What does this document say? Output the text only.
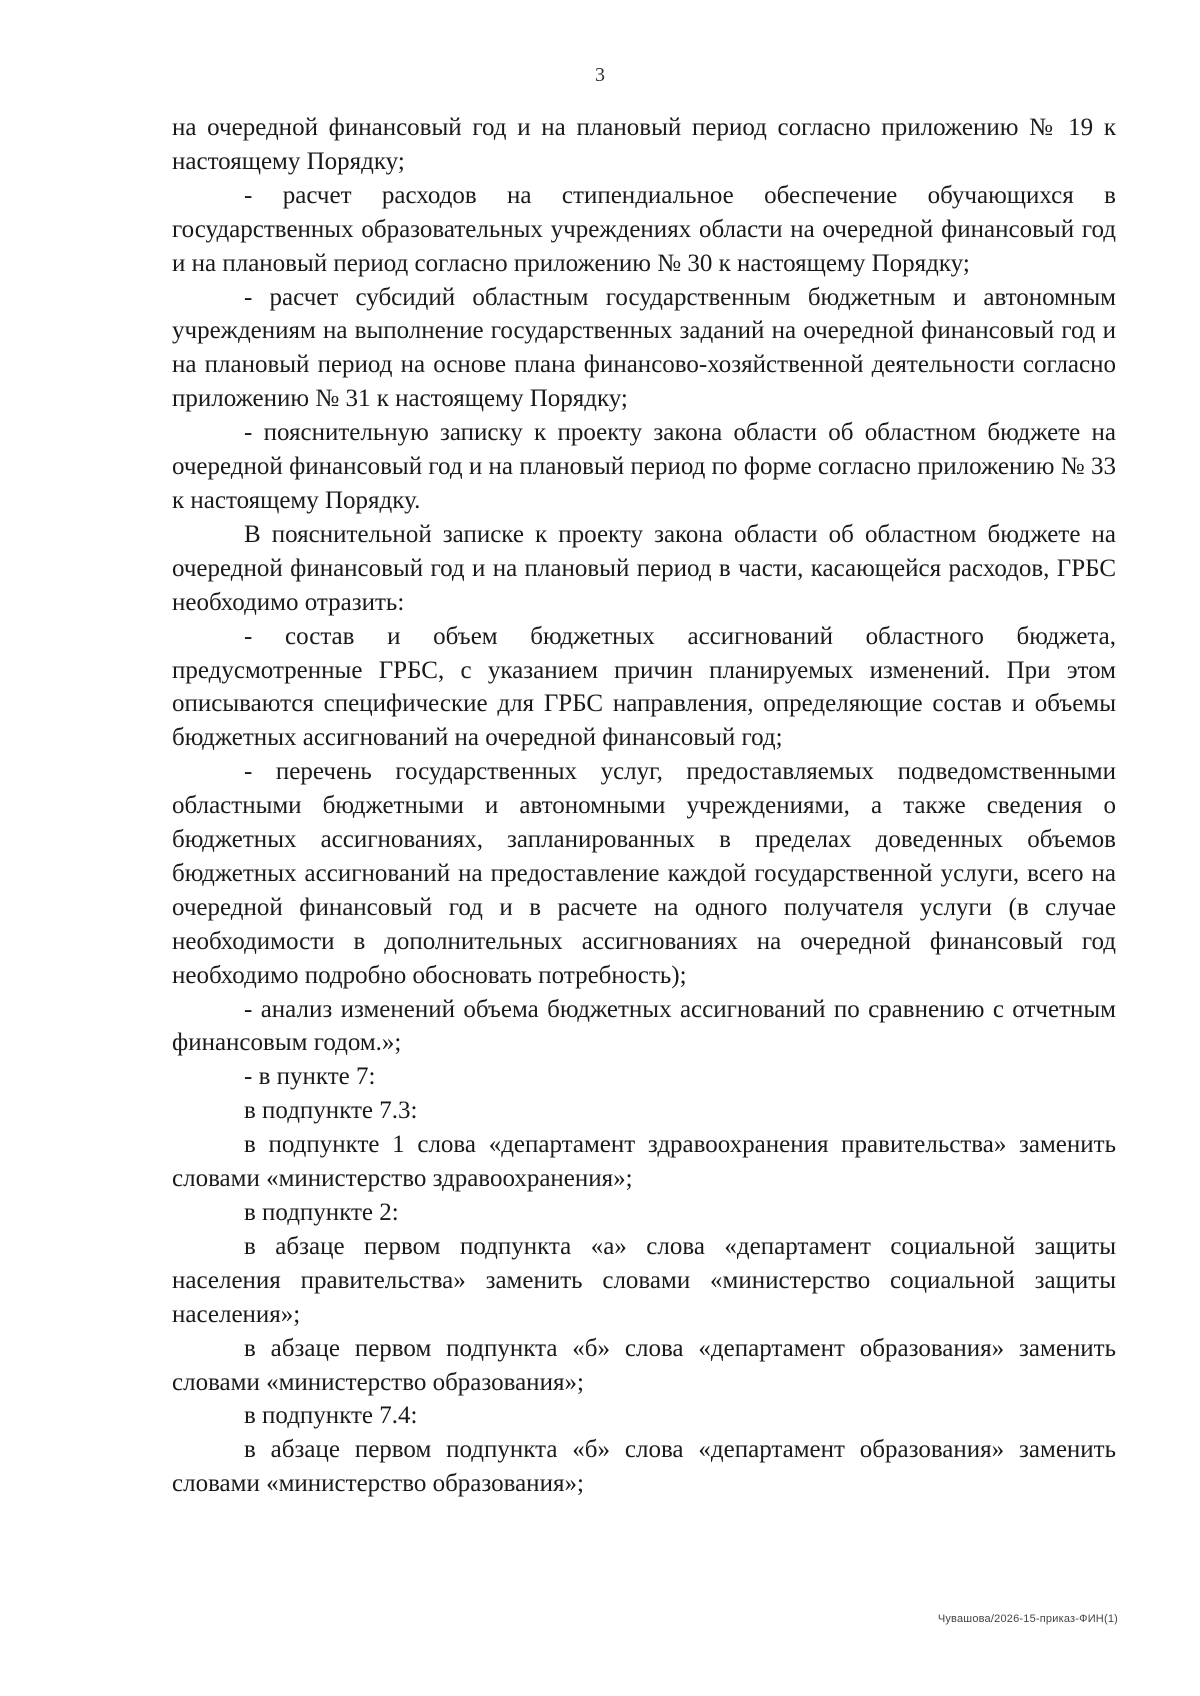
3

на очередной финансовый год и на плановый период согласно приложению № 19 к настоящему Порядку;

- расчет расходов на стипендиальное обеспечение обучающихся в государственных образовательных учреждениях области на очередной финансовый год и на плановый период согласно приложению № 30 к настоящему Порядку;

- расчет субсидий областным государственным бюджетным и автономным учреждениям на выполнение государственных заданий на очередной финансовый год и на плановый период на основе плана финансово-хозяйственной деятельности согласно приложению № 31 к настоящему Порядку;

- пояснительную записку к проекту закона области об областном бюджете на очередной финансовый год и на плановый период по форме согласно приложению № 33 к настоящему Порядку.

В пояснительной записке к проекту закона области об областном бюджете на очередной финансовый год и на плановый период в части, касающейся расходов, ГРБС необходимо отразить:

- состав и объем бюджетных ассигнований областного бюджета, предусмотренные ГРБС, с указанием причин планируемых изменений. При этом описываются специфические для ГРБС направления, определяющие состав и объемы бюджетных ассигнований на очередной финансовый год;

- перечень государственных услуг, предоставляемых подведомственными областными бюджетными и автономными учреждениями, а также сведения о бюджетных ассигнованиях, запланированных в пределах доведенных объемов бюджетных ассигнований на предоставление каждой государственной услуги, всего на очередной финансовый год и в расчете на одного получателя услуги (в случае необходимости в дополнительных ассигнованиях на очередной финансовый год необходимо подробно обосновать потребность);

- анализ изменений объема бюджетных ассигнований по сравнению с отчетным финансовым годом.»;

- в пункте 7:

в подпункте 7.3:

в подпункте 1 слова «департамент здравоохранения правительства» заменить словами «министерство здравоохранения»;

в подпункте 2:

в абзаце первом подпункта «а» слова «департамент социальной защиты населения правительства» заменить словами «министерство социальной защиты населения»;

в абзаце первом подпункта «б» слова «департамент образования» заменить словами «министерство образования»;

в подпункте 7.4:

в абзаце первом подпункта «б» слова «департамент образования» заменить словами «министерство образования»;

Чувашова/2026-15-приказ-ФИН(1)
